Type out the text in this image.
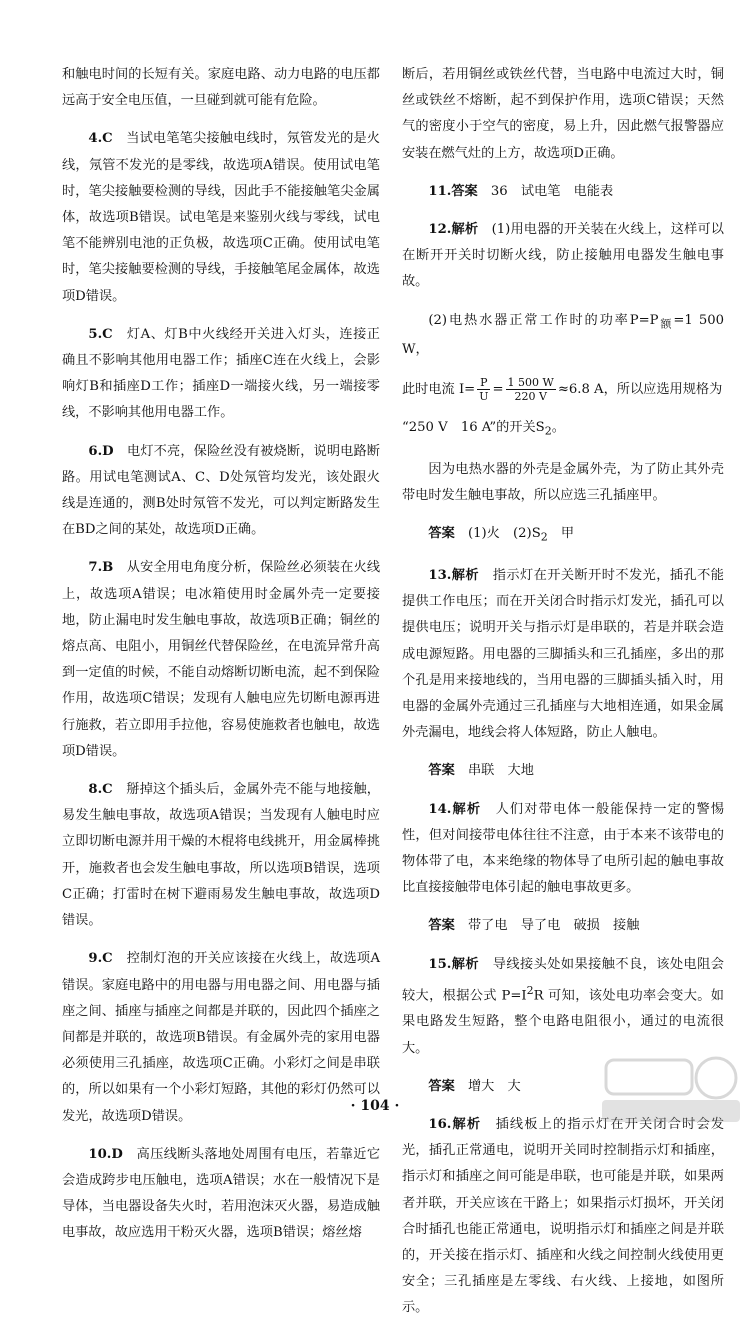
和触电时间的长短有关。家庭电路、动力电路的电压都远高于安全电压值，一旦碰到就可能有危险。

4.C　 当试电笔笔尖接触电线时，氖管发光的是火线，氖管不发光的是零线，故选项A错误。使用试电笔时，笔尖接触要检测的导线，因此手不能接触笔尖金属体，故选项B错误。试电笔是来鉴别火线与零线，试电笔不能辨别电池的正负极，故选项C正确。使用试电笔时，笔尖接触要检测的导线，手接触笔尾金属体，故选项D错误。

5.C　 灯A、灯B中火线经开关进入灯头，连接正确且不影响其他用电器工作；插座C连在火线上，会影响灯B和插座D工作；插座D一端接火线，另一端接零线，不影响其他用电器工作。

6.D　 电灯不亮，保险丝没有被烧断，说明电路断路。用试电笔测试A、C、D处氖管均发光，该处跟火线是连通的，测B处时氖管不发光，可以判定断路发生在BD之间的某处，故选项D正确。

7.B　 从安全用电角度分析，保险丝必须装在火线上，故选项A错误；电冰箱使用时金属外壳一定要接地，防止漏电时发生触电事故，故选项B正确；铜丝的熔点高、电阻小，用铜丝代替保险丝，在电流异常升高到一定值的时候，不能自动熔断切断电流，起不到保险作用，故选项C错误；发现有人触电应先切断电源再进行施救，若立即用手拉他，容易使施救者也触电，故选项D错误。

8.C　 掰掉这个插头后，金属外壳不能与地接触，易发生触电事故，故选项A错误；当发现有人触电时应立即切断电源并用干燥的木棍将电线挑开，用金属棒挑开，施救者也会发生触电事故，所以选项B错误，选项C正确；打雷时在树下避雨易发生触电事故，故选项D错误。

9.C　 控制灯泡的开关应该接在火线上，故选项A错误。家庭电路中的用电器与用电器之间、用电器与插座之间、插座与插座之间都是并联的，因此四个插座之间都是并联的，故选项B错误。有金属外壳的家用电器必须使用三孔插座，故选项C正确。小彩灯之间是串联的，所以如果有一个小彩灯短路，其他的彩灯仍然可以发光，故选项D错误。

10.D　 高压线断头落地处周围有电压，若靠近它会造成跨步电压触电，选项A错误；水在一般情况下是导体，当电器设备失火时，若用泡沫灭火器，易造成触电事故，故应选用干粉灭火器，选项B错误；熔丝熔

断后，若用铜丝或铁丝代替，当电路中电流过大时，铜丝或铁丝不熔断，起不到保护作用，选项C错误；天然气的密度小于空气的密度，易上升，因此燃气报警器应安装在燃气灶的上方，故选项D正确。

11.答案　 36　试电笔　电能表

12.解析　 (1)用电器的开关装在火线上，这样可以在断开开关时切断火线，防止接触用电器发生触电事故。

(2)电热水器正常工作时的功率$P=P_额=1$ 500 W，

此时电流 $I= \frac{P}{U} = \frac{1 500 W}{220 V} \approx 6.8$ A，所以应选用规格为

“250 V　16 A”的开关$S_2$。

因为电热水器的外壳是金属外壳，为了防止其外壳带电时发生触电事故，所以应选三孔插座甲。

答案　 (1)火　$(2)S_2$　甲

13.解析　 指示灯在开关断开时不发光，插孔不能提供工作电压；而在开关闭合时指示灯发光，插孔可以提供电压；说明开关与指示灯是串联的，若是并联会造成电源短路。用电器的三脚插头和三孔插座，多出的那个孔是用来接地线的，当用电器的三脚插头插入时，用电器的金属外壳通过三孔插座与大地相连通，如果金属外壳漏电，地线会将人体短路，防止人触电。

答案　 串联　大地

14.解析　 人们对带电体一般能保持一定的警惕性，但对间接带电体往往不注意，由于本来不该带电的物体带了电，本来绝缘的物体导了电所引起的触电事故比直接接触带电体引起的触电事故更多。

答案　 带了电　导了电　破损　接触

15.解析　 导线接头处如果接触不良，该处电阻会较大，根据公式 $P=I^2R$ 可知，该处电功率会变大。如果电路发生短路，整个电路电阻很小，通过的电流很大。

答案　 增大　大

16.解析　 插线板上的指示灯在开关闭合时会发光，插孔正常通电，说明开关同时控制指示灯和插座，指示灯和插座之间可能是串联，也可能是并联，如果两者并联，开关应该在干路上；如果指示灯损坏，开关闭合时插孔也能正常通电，说明指示灯和插座之间是并联的，开关接在指示灯、插座和火线之间控制火线使用更安全；三孔插座是左零线、右火线、上接地，如图所示。

· 104 ·
